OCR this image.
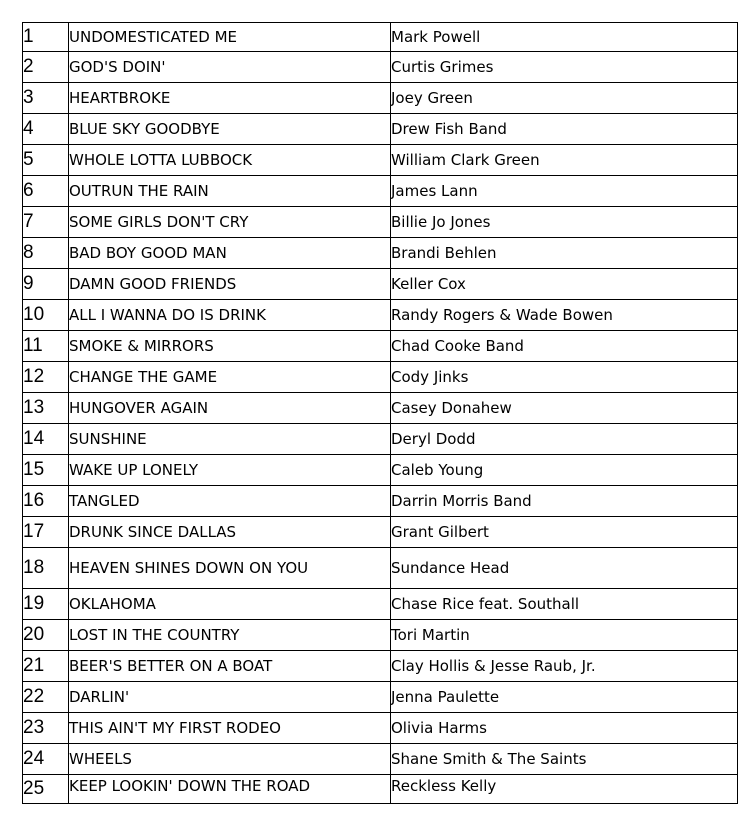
1	UNDOMESTICATED ME	Mark Powell
2	GOD'S DOIN'	Curtis Grimes
3	HEARTBROKE	Joey Green
4	BLUE SKY GOODBYE	Drew Fish Band
5	WHOLE LOTTA LUBBOCK	William Clark Green
6	OUTRUN THE RAIN	James Lann
7	SOME GIRLS DON'T CRY	Billie Jo Jones
8	BAD BOY GOOD MAN	Brandi Behlen
9	DAMN GOOD FRIENDS	Keller Cox
10	ALL I WANNA DO IS DRINK	Randy Rogers & Wade Bowen
11	SMOKE & MIRRORS	Chad Cooke Band
12	CHANGE THE GAME	Cody Jinks
13	HUNGOVER AGAIN	Casey Donahew
14	SUNSHINE	Deryl Dodd
15	WAKE UP LONELY	Caleb Young
16	TANGLED	Darrin Morris Band
17	DRUNK SINCE DALLAS	Grant Gilbert
18	HEAVEN SHINES DOWN ON YOU	Sundance Head
19	OKLAHOMA	Chase Rice feat. Southall
20	LOST IN THE COUNTRY	Tori Martin
21	BEER'S BETTER ON A BOAT	Clay Hollis & Jesse Raub, Jr.
22	DARLIN'	Jenna Paulette
23	THIS AIN'T MY FIRST RODEO	Olivia Harms
24	WHEELS	Shane Smith & The Saints
25	KEEP LOOKIN' DOWN THE ROAD	Reckless Kelly
